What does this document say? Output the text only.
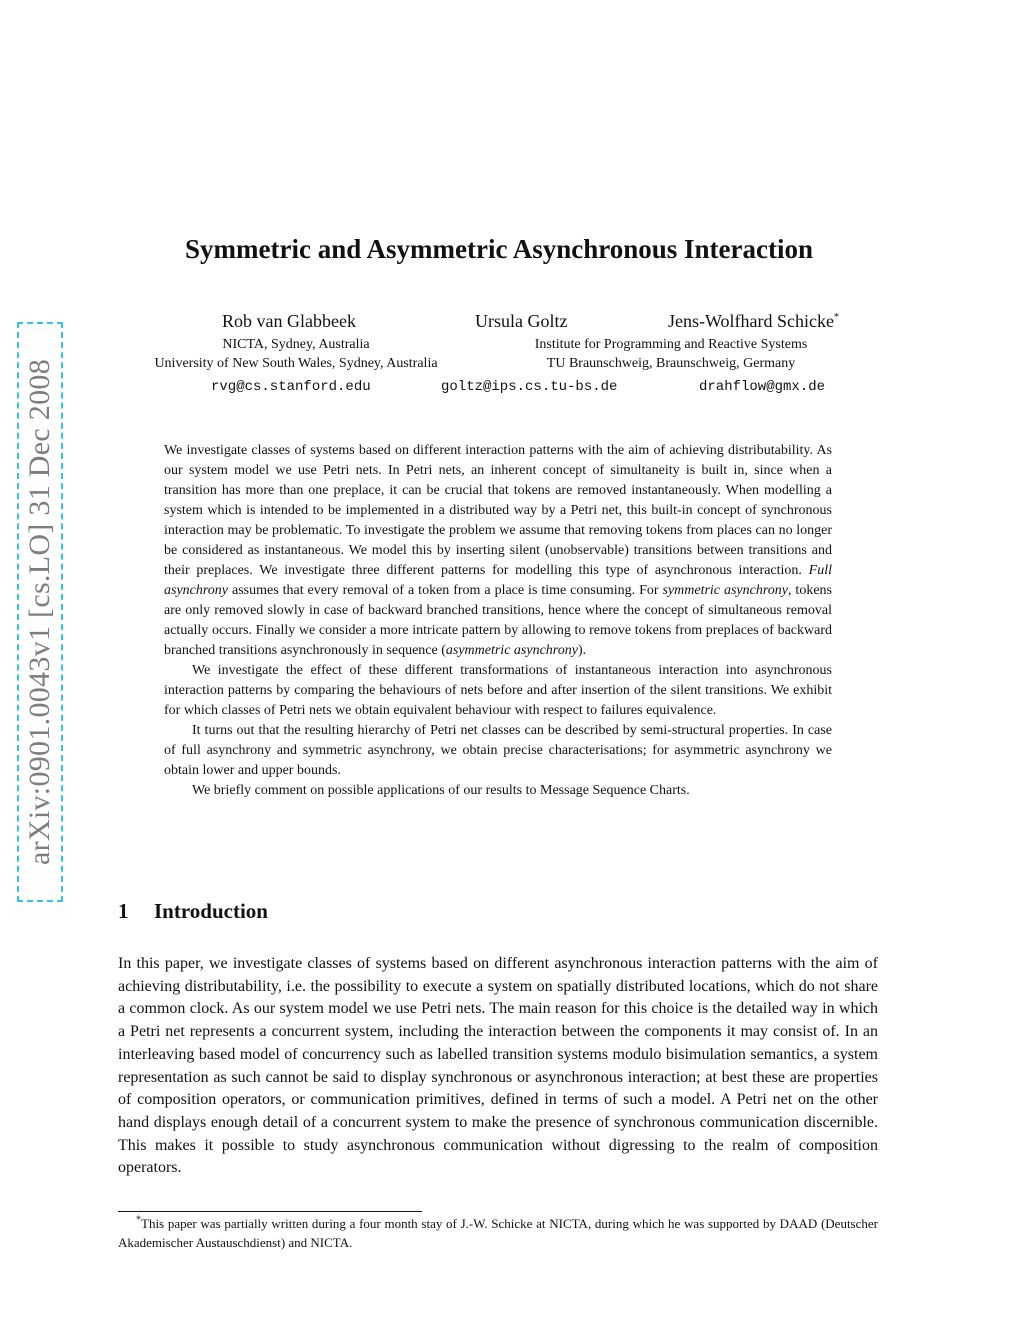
arXiv:0901.0043v1 [cs.LO] 31 Dec 2008
Symmetric and Asymmetric Asynchronous Interaction
Rob van Glabbeek	Ursula Goltz	Jens-Wolfhard Schicke*
NICTA, Sydney, Australia
University of New South Wales, Sydney, Australia
Institute for Programming and Reactive Systems
TU Braunschweig, Braunschweig, Germany
rvg@cs.stanford.edu	goltz@ips.cs.tu-bs.de	drahflow@gmx.de

We investigate classes of systems based on different interaction patterns with the aim of achieving distributability. As our system model we use Petri nets. In Petri nets, an inherent concept of simultaneity is built in, since when a transition has more than one preplace, it can be crucial that tokens are removed instantaneously. When modelling a system which is intended to be implemented in a distributed way by a Petri net, this built-in concept of synchronous interaction may be problematic. To investigate the problem we assume that removing tokens from places can no longer be considered as instantaneous. We model this by inserting silent (unobservable) transitions between transitions and their preplaces. We investigate three different patterns for modelling this type of asynchronous interaction. Full asynchrony assumes that every removal of a token from a place is time consuming. For symmetric asynchrony, tokens are only removed slowly in case of backward branched transitions, hence where the concept of simultaneous removal actually occurs. Finally we consider a more intricate pattern by allowing to remove tokens from preplaces of backward branched transitions asynchronously in sequence (asymmetric asynchrony).

We investigate the effect of these different transformations of instantaneous interaction into asynchronous interaction patterns by comparing the behaviours of nets before and after insertion of the silent transitions. We exhibit for which classes of Petri nets we obtain equivalent behaviour with respect to failures equivalence.

It turns out that the resulting hierarchy of Petri net classes can be described by semi-structural properties. In case of full asynchrony and symmetric asynchrony, we obtain precise characterisations; for asymmetric asynchrony we obtain lower and upper bounds.

We briefly comment on possible applications of our results to Message Sequence Charts.

1 Introduction

In this paper, we investigate classes of systems based on different asynchronous interaction patterns with the aim of achieving distributability, i.e. the possibility to execute a system on spatially distributed locations, which do not share a common clock. As our system model we use Petri nets. The main reason for this choice is the detailed way in which a Petri net represents a concurrent system, including the interaction between the components it may consist of. In an interleaving based model of concurrency such as labelled transition systems modulo bisimulation semantics, a system representation as such cannot be said to display synchronous or asynchronous interaction; at best these are properties of composition operators, or communication primitives, defined in terms of such a model. A Petri net on the other hand displays enough detail of a concurrent system to make the presence of synchronous communication discernible. This makes it possible to study asynchronous communication without digressing to the realm of composition operators.

*This paper was partially written during a four month stay of J.-W. Schicke at NICTA, during which he was supported by DAAD (Deutscher Akademischer Austauschdienst) and NICTA.
